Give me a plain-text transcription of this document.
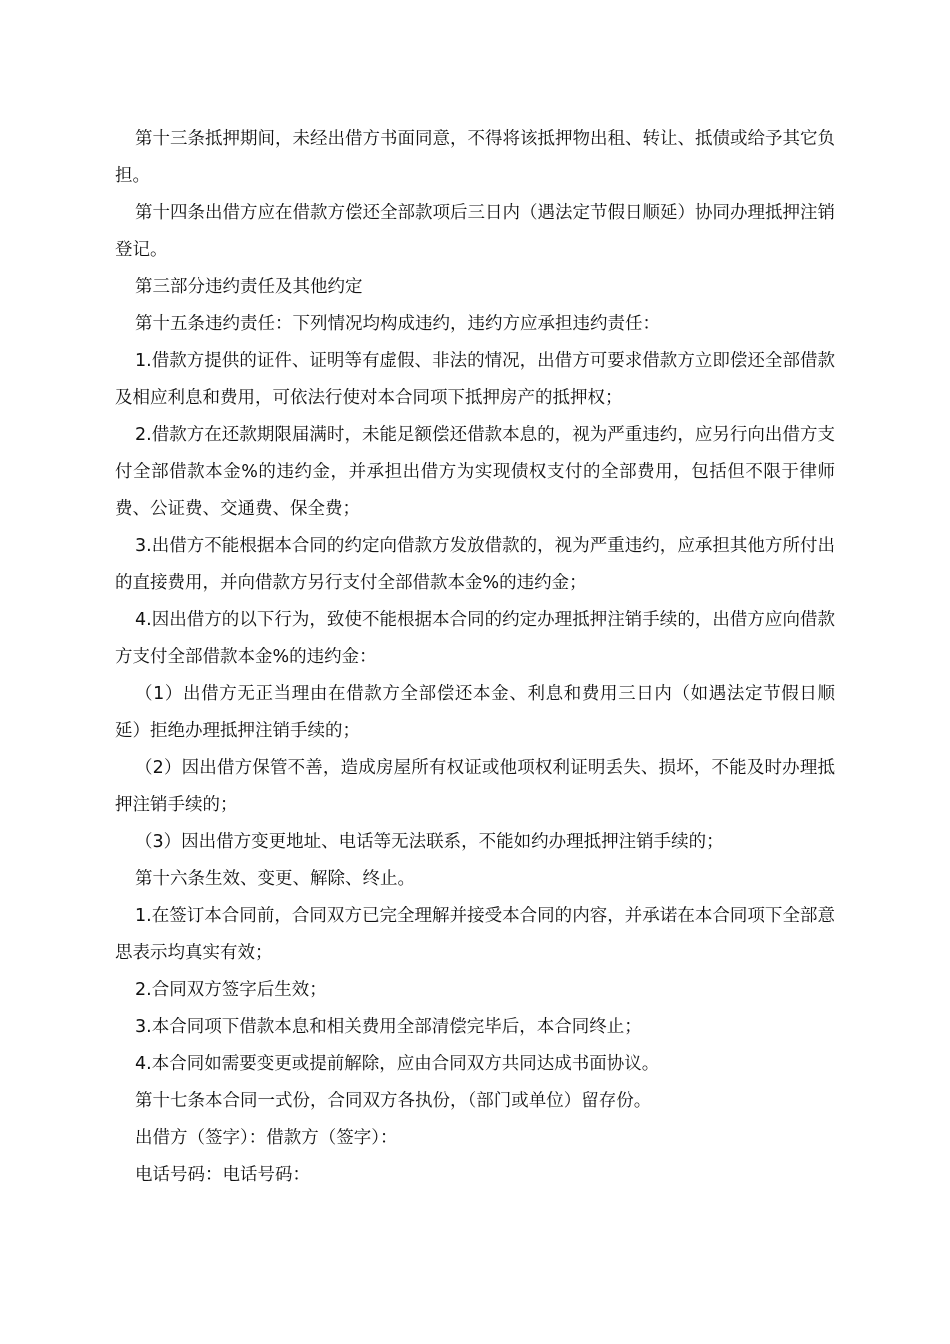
第十三条抵押期间，未经出借方书面同意，不得将该抵押物出租、转让、抵债或给予其它负担。

第十四条出借方应在借款方偿还全部款项后三日内（遇法定节假日顺延）协同办理抵押注销登记。

第三部分违约责任及其他约定

第十五条违约责任：下列情况均构成违约，违约方应承担违约责任：

1.借款方提供的证件、证明等有虚假、非法的情况，出借方可要求借款方立即偿还全部借款及相应利息和费用，可依法行使对本合同项下抵押房产的抵押权；

2.借款方在还款期限届满时，未能足额偿还借款本息的，视为严重违约，应另行向出借方支付全部借款本金%的违约金，并承担出借方为实现债权支付的全部费用，包括但不限于律师费、公证费、交通费、保全费；

3.出借方不能根据本合同的约定向借款方发放借款的，视为严重违约，应承担其他方所付出的直接费用，并向借款方另行支付全部借款本金%的违约金；

4.因出借方的以下行为，致使不能根据本合同的约定办理抵押注销手续的，出借方应向借款方支付全部借款本金%的违约金：

（1）出借方无正当理由在借款方全部偿还本金、利息和费用三日内（如遇法定节假日顺延）拒绝办理抵押注销手续的；

（2）因出借方保管不善，造成房屋所有权证或他项权利证明丢失、损坏，不能及时办理抵押注销手续的；

（3）因出借方变更地址、电话等无法联系，不能如约办理抵押注销手续的；

第十六条生效、变更、解除、终止。

1.在签订本合同前，合同双方已完全理解并接受本合同的内容，并承诺在本合同项下全部意思表示均真实有效；

2.合同双方签字后生效；

3.本合同项下借款本息和相关费用全部清偿完毕后，本合同终止；

4.本合同如需要变更或提前解除，应由合同双方共同达成书面协议。

第十七条本合同一式份，合同双方各执份，（部门或单位）留存份。

出借方（签字）：借款方（签字）：

电话号码：电话号码：
